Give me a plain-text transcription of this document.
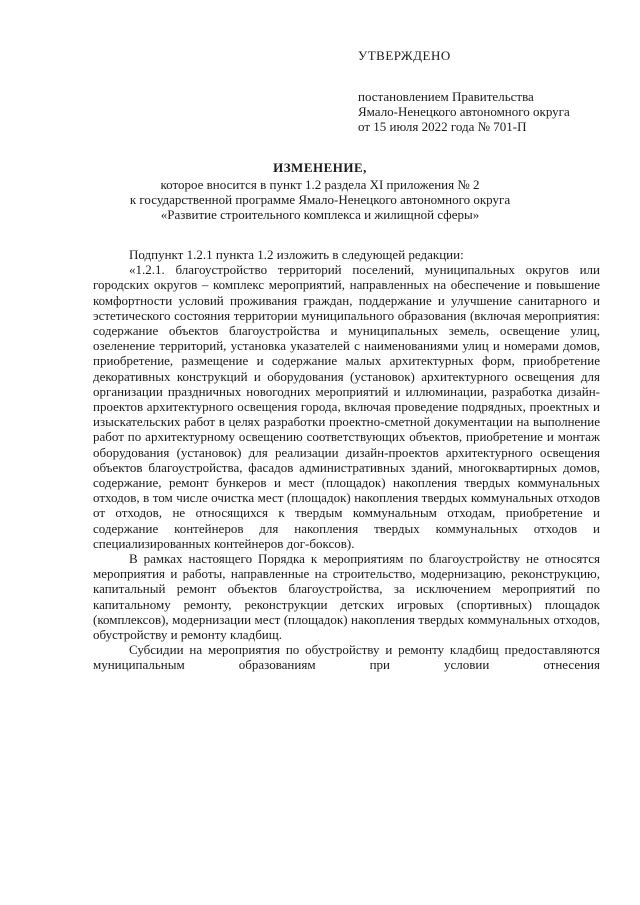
УТВЕРЖДЕНО
постановлением Правительства
Ямало-Ненецкого автономного округа
от 15 июля 2022 года № 701-П
ИЗМЕНЕНИЕ,
которое вносится в пункт 1.2 раздела XI приложения № 2
к государственной программе Ямало-Ненецкого автономного округа
«Развитие строительного комплекса и жилищной сферы»

Подпункт 1.2.1 пункта 1.2 изложить в следующей редакции:

«1.2.1. благоустройство территорий поселений, муниципальных округов или городских округов – комплекс мероприятий, направленных на обеспечение и повышение комфортности условий проживания граждан, поддержание и улучшение санитарного и эстетического состояния территории муниципального образования (включая мероприятия: содержание объектов благоустройства и муниципальных земель, освещение улиц, озеленение территорий, установка указателей с наименованиями улиц и номерами домов, приобретение, размещение и содержание малых архитектурных форм, приобретение декоративных конструкций и оборудования (установок) архитектурного освещения для организации праздничных новогодних мероприятий и иллюминации, разработка дизайн-проектов архитектурного освещения города, включая проведение подрядных, проектных и изыскательских работ в целях разработки проектно-сметной документации на выполнение работ по архитектурному освещению соответствующих объектов, приобретение и монтаж оборудования (установок) для реализации дизайн-проектов архитектурного освещения объектов благоустройства, фасадов административных зданий, многоквартирных домов, содержание, ремонт бункеров и мест (площадок) накопления твердых коммунальных отходов, в том числе очистка мест (площадок) накопления твердых коммунальных отходов от отходов, не относящихся к твердым коммунальным отходам, приобретение и содержание контейнеров для накопления твердых коммунальных отходов и специализированных контейнеров дог-боксов).

В рамках настоящего Порядка к мероприятиям по благоустройству не относятся мероприятия и работы, направленные на строительство, модернизацию, реконструкцию, капитальный ремонт объектов благоустройства, за исключением мероприятий по капитальному ремонту, реконструкции детских игровых (спортивных) площадок (комплексов), модернизации мест (площадок) накопления твердых коммунальных отходов, обустройству и ремонту кладбищ.

Субсидии на мероприятия по обустройству и ремонту кладбищ предоставляются муниципальным образованиям при условии отнесения
